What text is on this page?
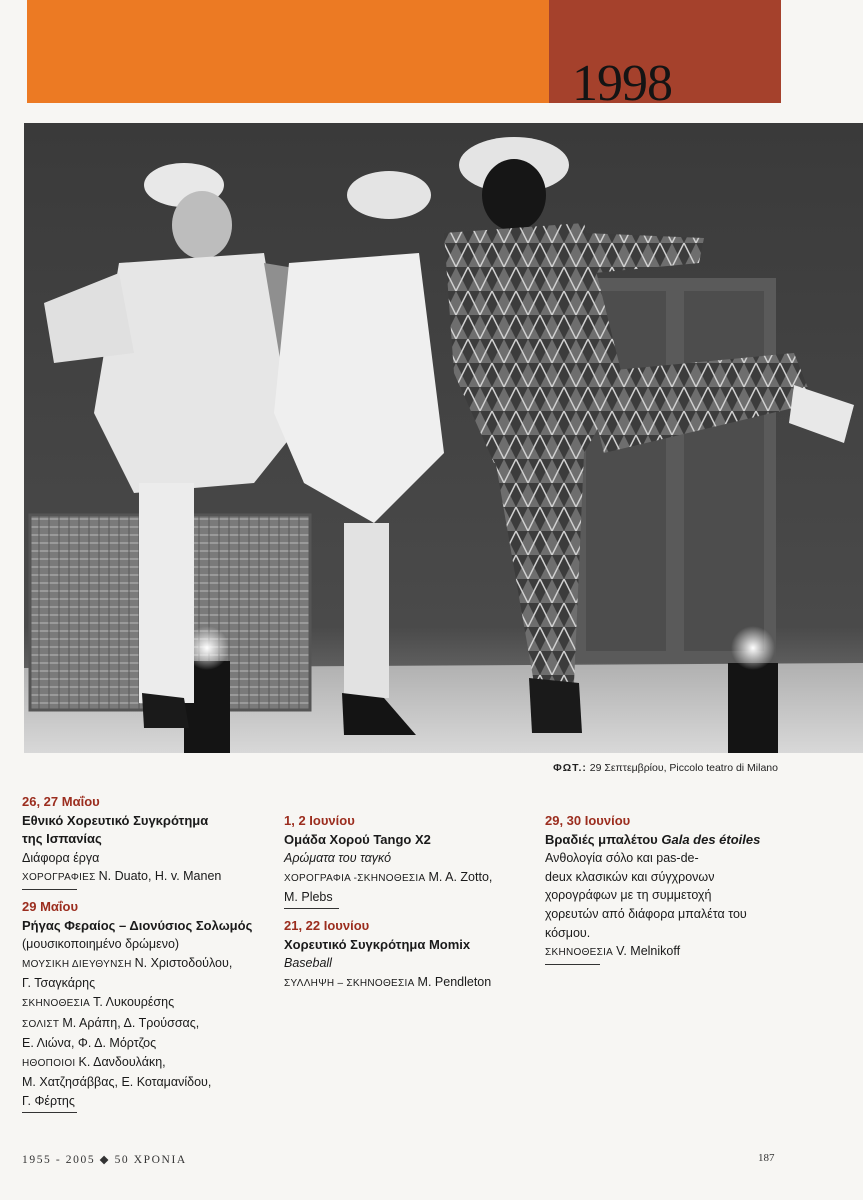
1998
ΦΩΤ.: 29 Σεπτεμβρίου, Piccolo teatro di Milano
26, 27 Μαΐου
Εθνικό Χορευτικό Συγκρότημα
της Ισπανίας
Διάφορα έργα
ΧΟΡΟΓΡΑΦΙΕΣ N. Duato, H. v. Manen
29 Μαΐου
Ρήγας Φεραίος – Διονύσιος Σολωμός
(μουσικοποιημένο δρώμενο)
ΜΟΥΣΙΚΗ ΔΙΕΥΘΥΝΣΗ Ν. Χριστοδούλου,
Γ. Τσαγκάρης
ΣΚΗΝΟΘΕΣΙΑ Τ. Λυκουρέσης
ΣΟΛΙΣΤ Μ. Αράπη, Δ. Τρούσσας,
Ε. Λιώνα, Φ. Δ. Μόρτζος
ΗΘΟΠΟΙΟΙ Κ. Δανδουλάκη,
Μ. Χατζησάββας, Ε. Κοταμανίδου,
Γ. Φέρτης
1, 2 Ιουνίου
Ομάδα Χορού Tango X2
Αρώματα του ταγκό
ΧΟΡΟΓΡΑΦΙΑ -ΣΚΗΝΟΘΕΣΙΑ M. A. Zotto,
M. Plebs
21, 22 Ιουνίου
Χορευτικό Συγκρότημα Momix
Baseball
ΣΥΛΛΗΨΗ – ΣΚΗΝΟΘΕΣΙΑ M. Pendleton
29, 30 Ιουνίου
Βραδιές μπαλέτου Gala des étoiles
Ανθολογία σόλο και pas-de-
deux κλασικών και σύγχρονων
χορογράφων με τη συμμετοχή
χορευτών από διάφορα μπαλέτα του
κόσμου.
ΣΚΗΝΟΘΕΣΙΑ V. Melnikoff
1955 - 2005 ◆ 50 ΧΡΟΝΙΑ	187
